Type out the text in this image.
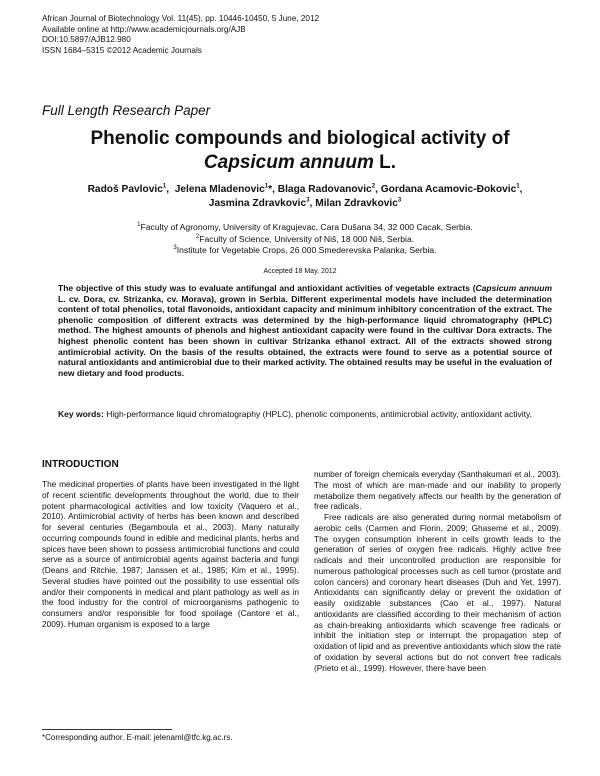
African Journal of Biotechnology Vol. 11(45), pp. 10446-10450, 5 June, 2012
Available online at http://www.academicjournals.org/AJB
DOI:10.5897/AJB12.980
ISSN 1684–5315 ©2012 Academic Journals
Full Length Research Paper
Phenolic compounds and biological activity of
Capsicum annuum L.
Radoš Pavlovic$^1$,  Jelena Mladenovic$^1$*, Blaga Radovanovic$^2$, Gordana Acamovic-Đokovic$^1$,
Jasmina Zdravkovic$^3$, Milan Zdravkovic$^3$
$^1$Faculty of Agronomy, University of Kragujevac, Cara Dušana 34, 32 000 Cacak, Serbia.
$^2$Faculty of Science, University of Niš, 18 000 Niš, Serbia.
$^3$Institute for Vegetable Crops, 26 000 Smederevska Palanka, Serbia.
Accepted 18 May, 2012
The objective of this study was to evaluate antifungal and antioxidant activities of vegetable extracts (Capsicum annuum L. cv. Dora, cv. Strizanka, cv. Morava), grown in Serbia. Different experimental models have included the determination content of total phenolics, total flavonoids, antioxidant capacity and minimum inhibitory concentration of the extract. The phenolic composition of different extracts was determined by the high-performance liquid chromatography (HPLC) method. The highest amounts of phenols and highest antioxidant capacity were found in the cultivar Dora extracts. The highest phenolic content has been shown in cultivar Strizanka ethanol extract. All of the extracts showed strong antimicrobial activity. On the basis of the results obtained, the extracts were found to serve as a potential source of natural antioxidants and antimicrobial due to their marked activity. The obtained results may be useful in the evaluation of new dietary and food products.
Key words: High-performance liquid chromatography (HPLC), phenolic components, antimicrobial activity, antioxidant activity.
INTRODUCTION
The medicinal properties of plants have been investigated in the light of recent scientific developments throughout the world, due to their potent pharmacological activities and low toxicity (Vaquero et al., 2010). Antimicrobial activity of herbs has been known and described for several centuries (Begamboula et al., 2003). Many naturally occurring compounds found in edible and medicinal plants, herbs and spices have been shown to possess antimicrobial functions and could serve as a source of antimicrobial agents against bacteria and fungi (Deans and Ritchie, 1987; Janssen et al., 1985; Kim et al., 1995). Several studies have pointed out the possibility to use essential oils and/or their components in medical and plant pathology as well as in the food industry for the control of microorganisms pathogenic to consumers and/or responsible for food spoilage (Cantore et al., 2009). Human organism is exposed to a large
number of foreign chemicals everyday (Santhakumari et al., 2003). The most of which are man-made and our inability to properly metabolize them negatively affects our health by the generation of free radicals.
Free radicals are also generated during normal metabolism of aerobic cells (Carmen and Florin, 2009; Ghaseme et al., 2009). The oxygen consumption inherent in cells growth leads to the generation of series of oxygen free radicals. Highly active free radicals and their uncontrolled production are responsible for numerous pathological processes such as cell tumor (prostate and colon cancers) and coronary heart diseases (Duh and Yet, 1997). Antioxidants can significantly delay or prevent the oxidation of easily oxidizable substances (Cao et al., 1997). Natural antioxidants are classified according to their mechanism of action as chain-breaking antioxidants which scavenge free radicals or inhibit the initiation step or interrupt the propagation step of oxidation of lipid and as preventive antioxidants which slow the rate of oxidation by several actions but do not convert free radicals (Prieto et al., 1999). However, there have been
*Corresponding author. E-mail: jelenaml@tfc.kg.ac.rs.
